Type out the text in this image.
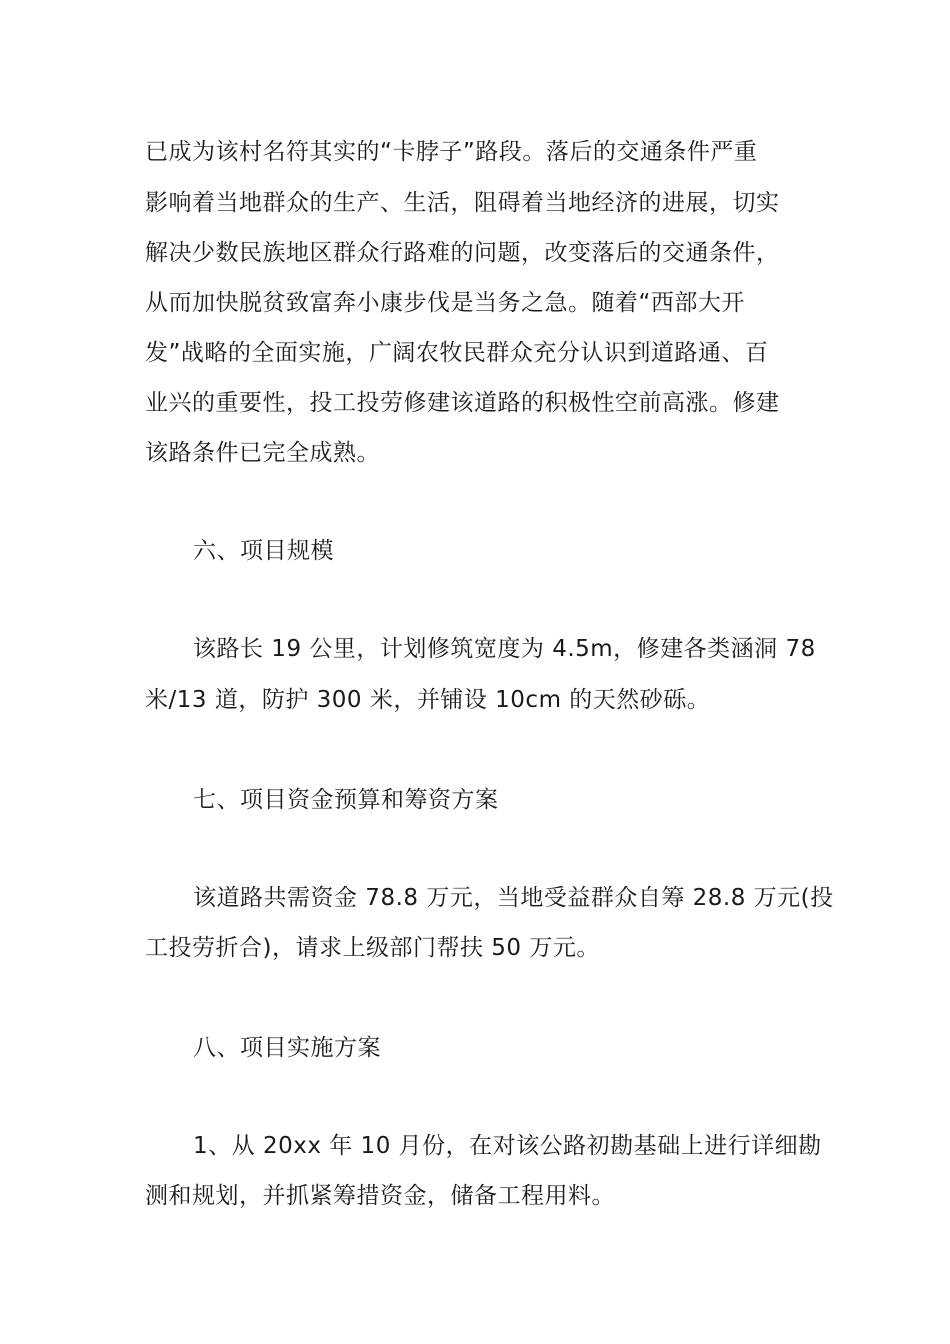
已成为该村名符其实的“卡脖子”路段。落后的交通条件严重
影响着当地群众的生产、生活，阻碍着当地经济的进展，切实
解决少数民族地区群众行路难的问题，改变落后的交通条件，
从而加快脱贫致富奔小康步伐是当务之急。随着“西部大开
发”战略的全面实施，广阔农牧民群众充分认识到道路通、百
业兴的重要性，投工投劳修建该道路的积极性空前高涨。修建
该路条件已完全成熟。
六、项目规模
该路长 19 公里，计划修筑宽度为 4.5m，修建各类涵洞 78
米/13 道，防护 300 米，并铺设 10cm 的天然砂砾。
七、项目资金预算和筹资方案
该道路共需资金 78.8 万元，当地受益群众自筹 28.8 万元(投
工投劳折合)，请求上级部门帮扶 50 万元。
八、项目实施方案
1、从 20xx 年 10 月份，在对该公路初勘基础上进行详细勘
测和规划，并抓紧筹措资金，储备工程用料。
